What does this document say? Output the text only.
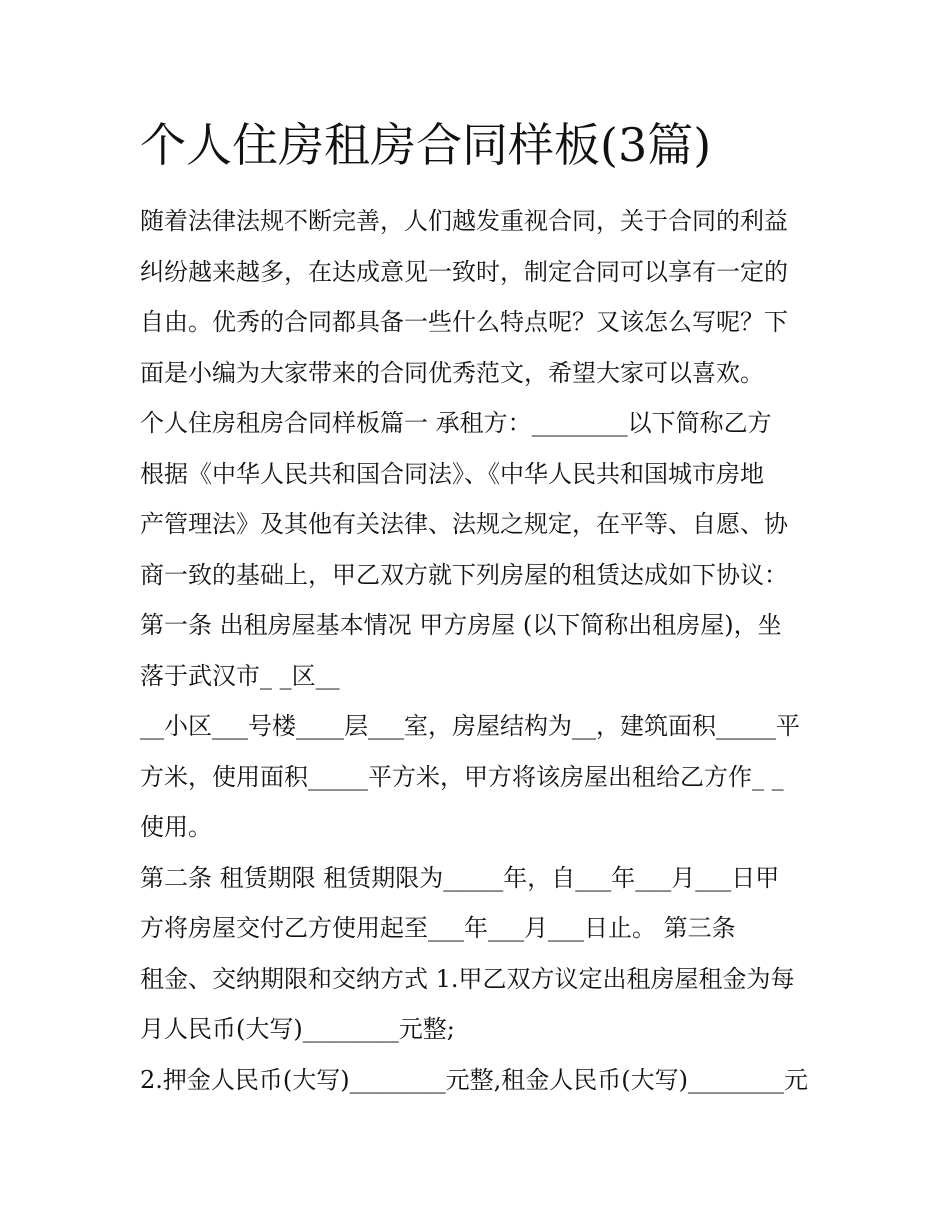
个人住房租房合同样板(3篇)
随着法律法规不断完善，人们越发重视合同，关于合同的利益
纠纷越来越多，在达成意见一致时，制定合同可以享有一定的
自由。优秀的合同都具备一些什么特点呢？又该怎么写呢？下
面是小编为大家带来的合同优秀范文，希望大家可以喜欢。
个人住房租房合同样板篇一 承租方：________以下简称乙方
根据《中华人民共和国合同法》、《中华人民共和国城市房地
产管理法》及其他有关法律、法规之规定，在平等、自愿、协
商一致的基础上，甲乙双方就下列房屋的租赁达成如下协议：
第一条 出租房屋基本情况 甲方房屋 (以下简称出租房屋)，坐
落于武汉市_ _区__
__小区___号楼____层___室，房屋结构为__，建筑面积_____平
方米，使用面积_____平方米，甲方将该房屋出租给乙方作_ _
使用。
第二条 租赁期限 租赁期限为_____年，自___年___月___日甲
方将房屋交付乙方使用起至___年___月___日止。 第三条
租金、交纳期限和交纳方式 1.甲乙双方议定出租房屋租金为每
月人民币(大写)________元整;
2.押金人民币(大写)________元整,租金人民币(大写)________元
